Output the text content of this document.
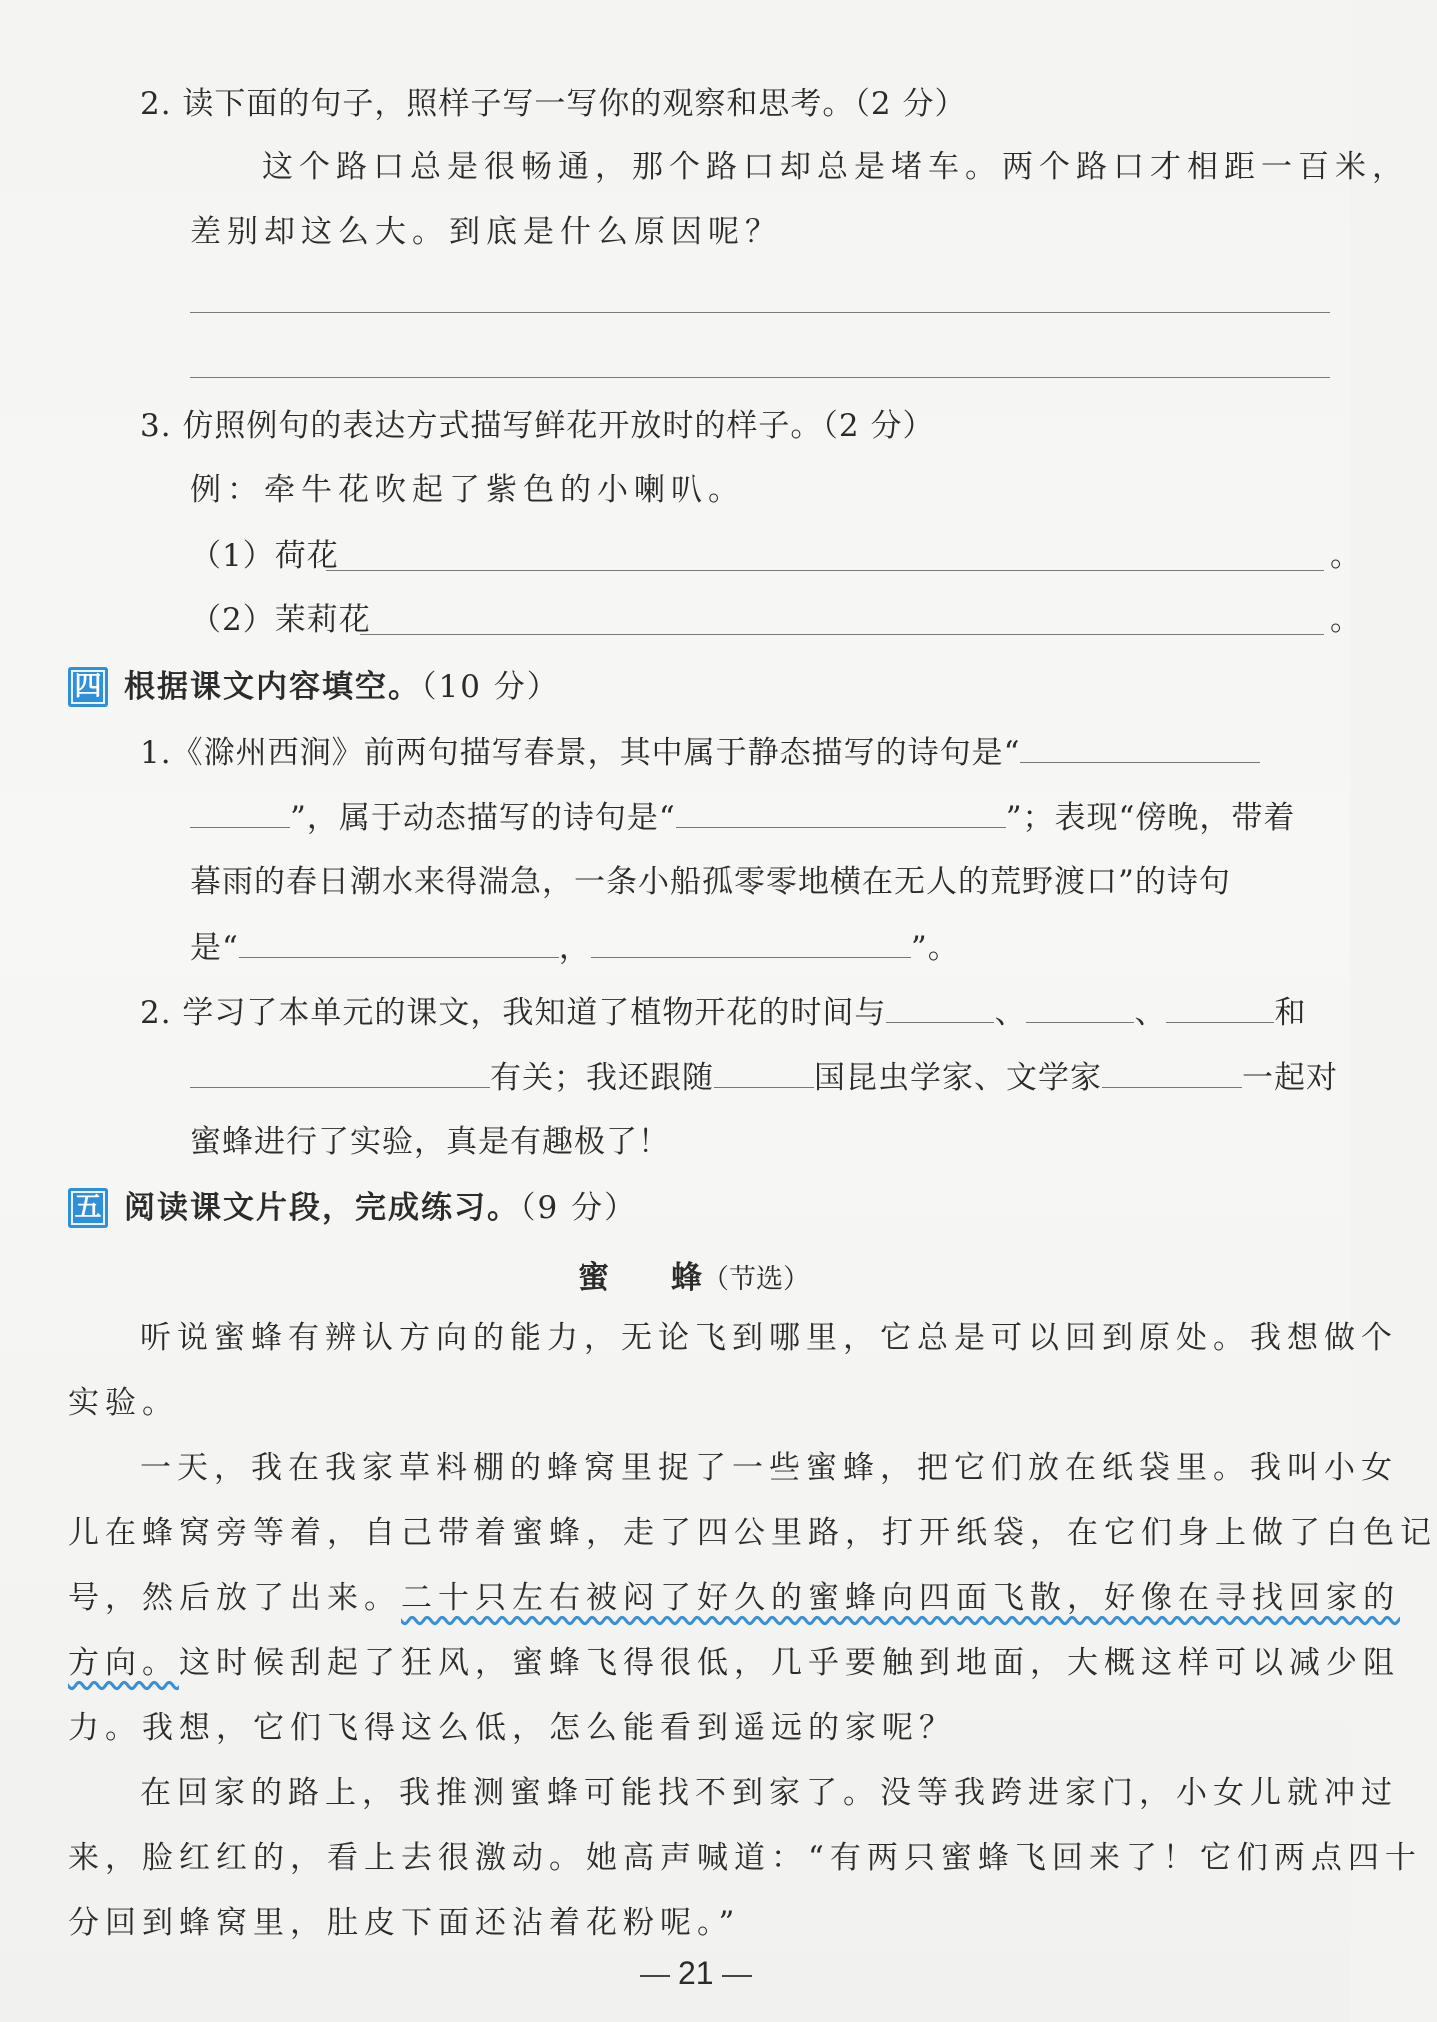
2. 读下面的句子，照样子写一写你的观察和思考。（2 分）
这个路口总是很畅通，那个路口却总是堵车。两个路口才相距一百米，
差别却这么大。到底是什么原因呢？
3. 仿照例句的表达方式描写鲜花开放时的样子。（2 分）
例：牵牛花吹起了紫色的小喇叭。
（1）荷花	。
（2）茉莉花	。
四 根据课文内容填空。（10 分）
1.《滁州西涧》前两句描写春景，其中属于静态描写的诗句是“
”，属于动态描写的诗句是“	”；表现“傍晚，带着
暮雨的春日潮水来得湍急，一条小船孤零零地横在无人的荒野渡口”的诗句
是“	，	”。
2. 学习了本单元的课文，我知道了植物开花的时间与	、	、	和
有关；我还跟随	国昆虫学家、文学家	一起对
蜜蜂进行了实验，真是有趣极了！
五 阅读课文片段，完成练习。（9 分）
蜜　　蜂（节选）
听说蜜蜂有辨认方向的能力，无论飞到哪里，它总是可以回到原处。我想做个
实验。
一天，我在我家草料棚的蜂窝里捉了一些蜜蜂，把它们放在纸袋里。我叫小女
儿在蜂窝旁等着，自己带着蜜蜂，走了四公里路，打开纸袋，在它们身上做了白色记
号，然后放了出来。二十只左右被闷了好久的蜜蜂向四面飞散，好像在寻找回家的
方向。这时候刮起了狂风，蜜蜂飞得很低，几乎要触到地面，大概这样可以减少阻
力。我想，它们飞得这么低，怎么能看到遥远的家呢？
在回家的路上，我推测蜜蜂可能找不到家了。没等我跨进家门，小女儿就冲过
来，脸红红的，看上去很激动。她高声喊道：“有两只蜜蜂飞回来了！它们两点四十
分回到蜂窝里，肚皮下面还沾着花粉呢。”
21
